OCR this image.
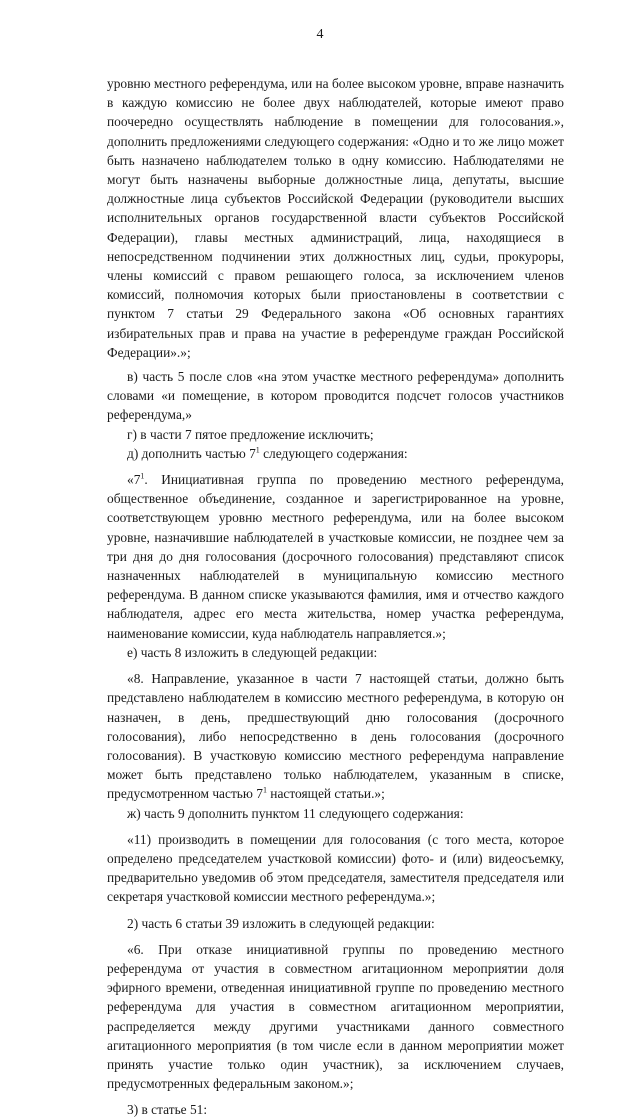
4

уровню местного референдума, или на более высоком уровне, вправе назначить в каждую комиссию не более двух наблюдателей, которые имеют право поочередно осуществлять наблюдение в помещении для голосования.», дополнить предложениями следующего содержания: «Одно и то же лицо может быть назначено наблюдателем только в одну комиссию. Наблюдателями не могут быть назначены выборные должностные лица, депутаты, высшие должностные лица субъектов Российской Федерации (руководители высших исполнительных органов государственной власти субъектов Российской Федерации), главы местных администраций, лица, находящиеся в непосредственном подчинении этих должностных лиц, судьи, прокуроры, члены комиссий с правом решающего голоса, за исключением членов комиссий, полномочия которых были приостановлены в соответствии с пунктом 7 статьи 29 Федерального закона «Об основных гарантиях избирательных прав и права на участие в референдуме граждан Российской Федерации».»;

в) часть 5 после слов «на этом участке местного референдума» дополнить словами «и помещение, в котором проводится подсчет голосов участников референдума,»

г) в части 7 пятое предложение исключить;

д) дополнить частью $7^1$ следующего содержания:

«$7^1$. Инициативная группа по проведению местного референдума, общественное объединение, созданное и зарегистрированное на уровне, соответствующем уровню местного референдума, или на более высоком уровне, назначившие наблюдателей в участковые комиссии, не позднее чем за три дня до дня голосования (досрочного голосования) представляют список назначенных наблюдателей в муниципальную комиссию местного референдума. В данном списке указываются фамилия, имя и отчество каждого наблюдателя, адрес его места жительства, номер участка референдума, наименование комиссии, куда наблюдатель направляется.»;

е) часть 8 изложить в следующей редакции:

«8. Направление, указанное в части 7 настоящей статьи, должно быть представлено наблюдателем в комиссию местного референдума, в которую он назначен, в день, предшествующий дню голосования (досрочного голосования), либо непосредственно в день голосования (досрочного голосования). В участковую комиссию местного референдума направление может быть представлено только наблюдателем, указанным в списке, предусмотренном частью $7^1$ настоящей статьи.»;

ж) часть 9 дополнить пунктом 11 следующего содержания:

«11) производить в помещении для голосования (с того места, которое определено председателем участковой комиссии) фото- и (или) видеосъемку, предварительно уведомив об этом председателя, заместителя председателя или секретаря участковой комиссии местного референдума.»;

2) часть 6 статьи 39 изложить в следующей редакции:

«6. При отказе инициативной группы по проведению местного референдума от участия в совместном агитационном мероприятии доля эфирного времени, отведенная инициативной группе по проведению местного референдума для участия в совместном агитационном мероприятии, распределяется между другими участниками данного совместного агитационного мероприятия (в том числе если в данном мероприятии может принять участие только один участник), за исключением случаев, предусмотренных федеральным законом.»;

3) в статье 51:
